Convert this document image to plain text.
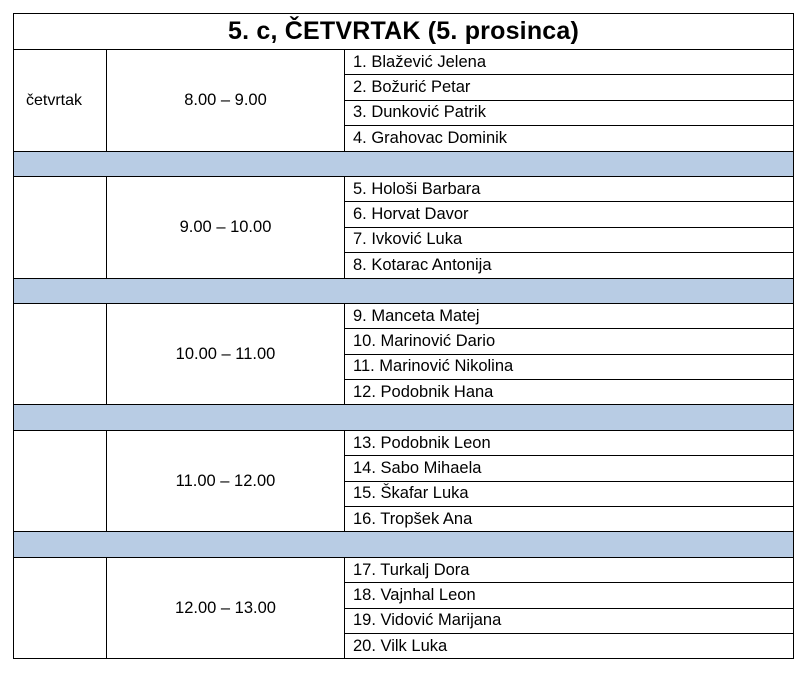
5. c, ČETVRTAK (5. prosinca)		

četvrtak	8.00 – 9.00	1. Blažević Jelena
		2. Božurić Petar
		3. Dunković Patrik
		4. Grahovac Dominik

	9.00 – 10.00	5. Hološi Barbara
		6. Horvat Davor
		7. Ivković Luka
		8. Kotarac Antonija

	10.00 – 11.00	9. Manceta Matej
		10. Marinović Dario
		11. Marinović Nikolina
		12. Podobnik Hana

	11.00 – 12.00	13. Podobnik Leon
		14. Sabo Mihaela
		15. Škafar Luka
		16. Tropšek Ana

	12.00 – 13.00	17. Turkalj Dora
		18. Vajnhal Leon
		19. Vidović Marijana
		20. Vilk Luka
